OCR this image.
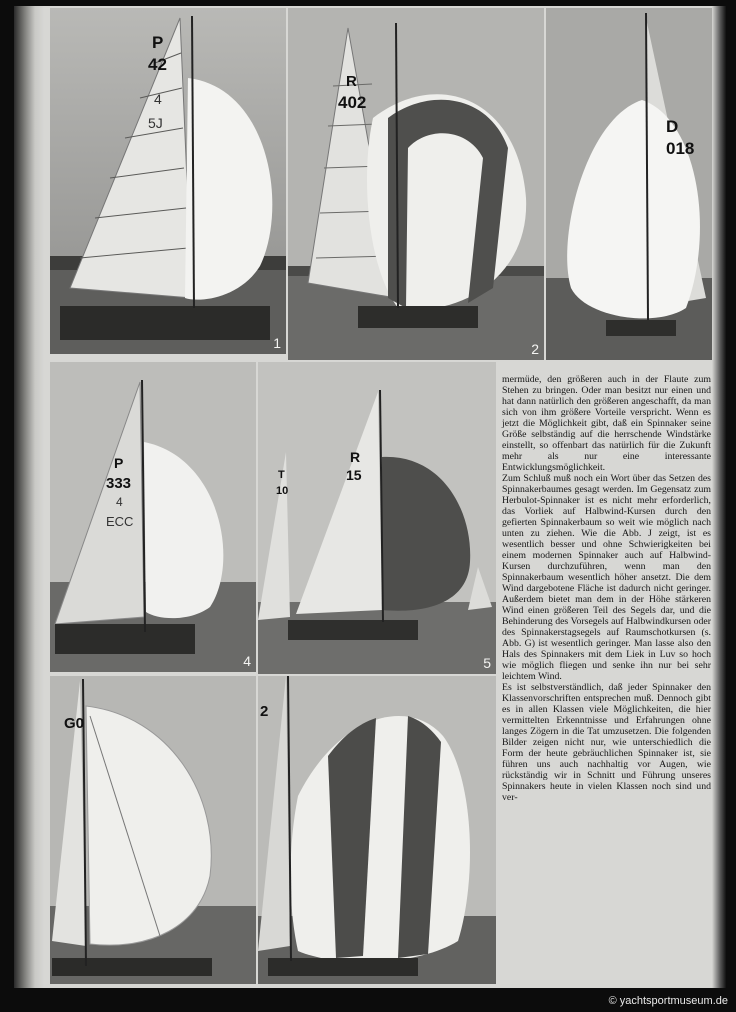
P
42
4
5J
1
R
402
2
D
018
P
333
4
ECC
4
T
10
R
15
5
G0
2

mermüde, den größeren auch in der Flaute zum Stehen zu bringen. Oder man besitzt nur einen und hat dann natürlich den größeren angeschafft, da man sich von ihm größere Vorteile verspricht. Wenn es jetzt die Möglichkeit gibt, daß ein Spinnaker seine Größe selbständig auf die herrschende Windstärke einstellt, so offenbart das natürlich für die Zukunft mehr als nur eine interessante Entwicklungsmöglichkeit.

Zum Schluß muß noch ein Wort über das Setzen des Spinnakerbaumes gesagt werden. Im Gegensatz zum Herbulot-Spinnaker ist es nicht mehr erforderlich, das Vorliek auf Halbwind-Kursen durch den gefierten Spinnakerbaum so weit wie möglich nach unten zu ziehen. Wie die Abb. J zeigt, ist es wesentlich besser und ohne Schwierigkeiten bei einem modernen Spinnaker auch auf Halbwind-Kursen durchzuführen, wenn man den Spinnakerbaum wesentlich höher ansetzt. Die dem Wind dargebotene Fläche ist dadurch nicht geringer. Außerdem bietet man dem in der Höhe stärkeren Wind einen größeren Teil des Segels dar, und die Behinderung des Vorsegels auf Halbwindkursen oder des Spinnakerstagsegels auf Raumschotkursen (s. Abb. G) ist wesentlich geringer. Man lasse also den Hals des Spinnakers mit dem Liek in Luv so hoch wie möglich fliegen und senke ihn nur bei sehr leichtem Wind.

Es ist selbstverständlich, daß jeder Spinnaker den Klassenvorschriften entsprechen muß. Dennoch gibt es in allen Klassen viele Möglichkeiten, die hier vermittelten Erkenntnisse und Erfahrungen ohne langes Zögern in die Tat umzusetzen. Die folgenden Bilder zeigen nicht nur, wie unterschiedlich die Form der heute gebräuchlichen Spinnaker ist, sie führen uns auch nachhaltig vor Augen, wie rückständig wir in Schnitt und Führung unseres Spinnakers heute in vielen Klassen noch sind und ver-

© yachtsportmuseum.de
